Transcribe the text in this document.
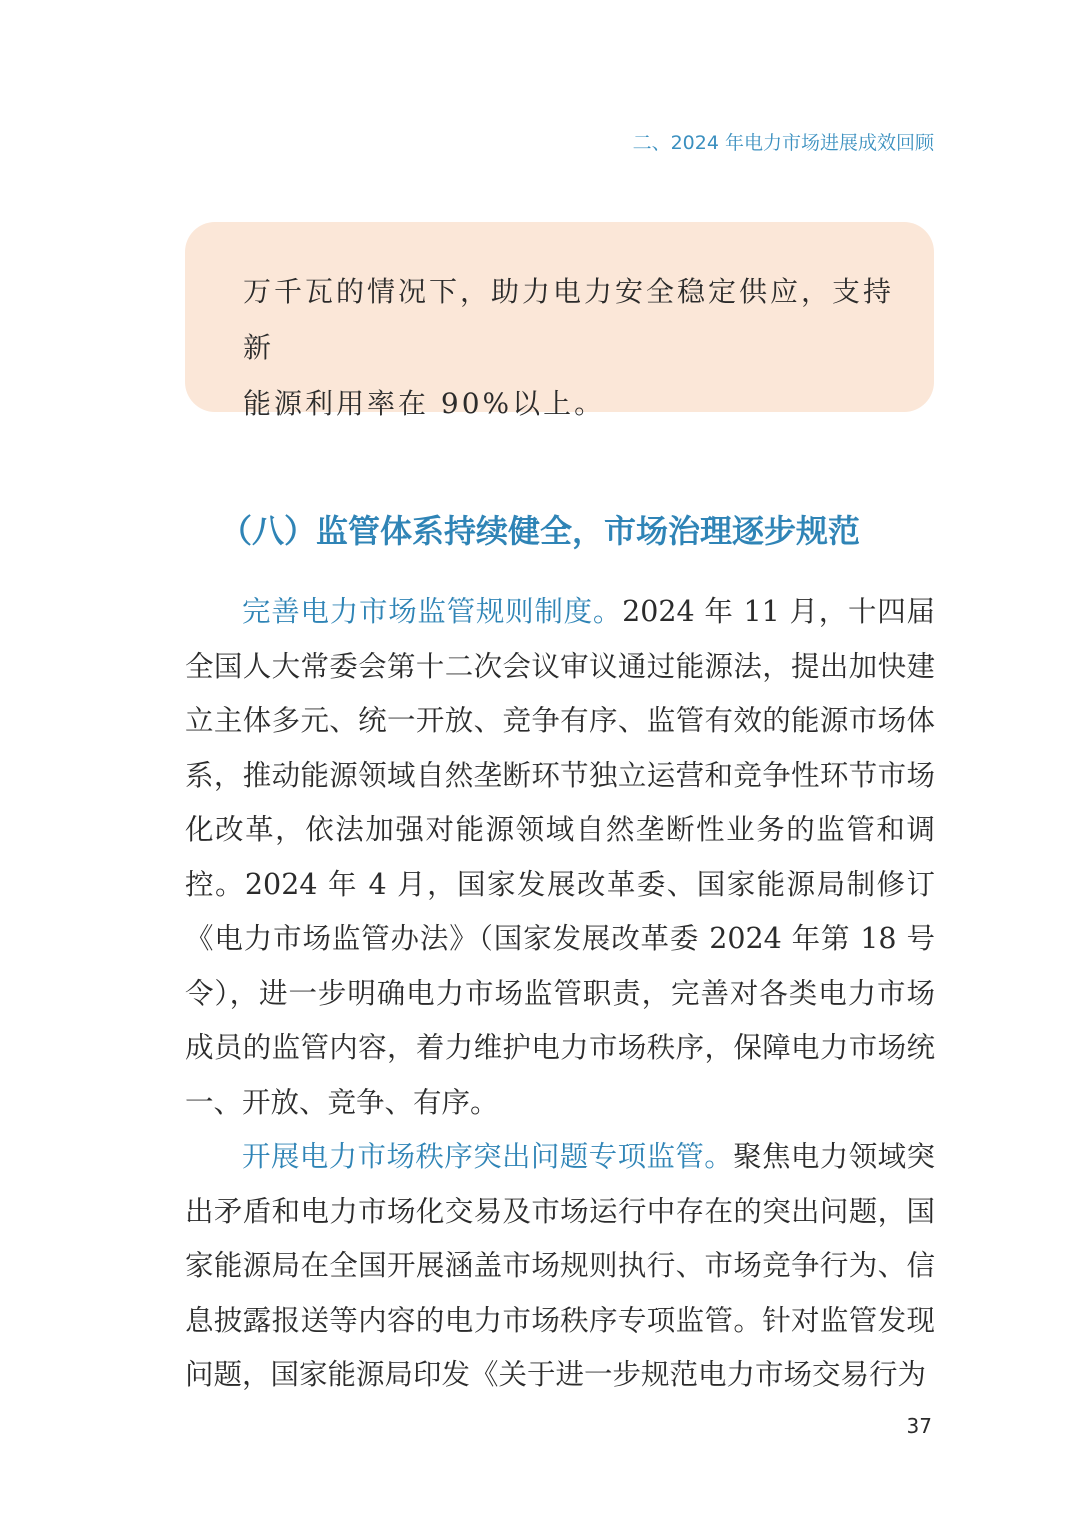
二、2024 年电力市场进展成效回顾

万千瓦的情况下，助力电力安全稳定供应，支持新

能源利用率在 90%以上。

（八）监管体系持续健全，市场治理逐步规范

完善电力市场监管规则制度。2024 年 11 月，十四届全国人大常委会第十二次会议审议通过能源法，提出加快建立主体多元、统一开放、竞争有序、监管有效的能源市场体系，推动能源领域自然垄断环节独立运营和竞争性环节市场化改革，依法加强对能源领域自然垄断性业务的监管和调控。2024 年 4 月，国家发展改革委、国家能源局制修订《电力市场监管办法》（国家发展改革委 2024 年第 18 号令），进一步明确电力市场监管职责，完善对各类电力市场成员的监管内容，着力维护电力市场秩序，保障电力市场统一、开放、竞争、有序。

开展电力市场秩序突出问题专项监管。聚焦电力领域突出矛盾和电力市场化交易及市场运行中存在的突出问题，国家能源局在全国开展涵盖市场规则执行、市场竞争行为、信息披露报送等内容的电力市场秩序专项监管。针对监管发现问题，国家能源局印发《关于进一步规范电力市场交易行为

37
